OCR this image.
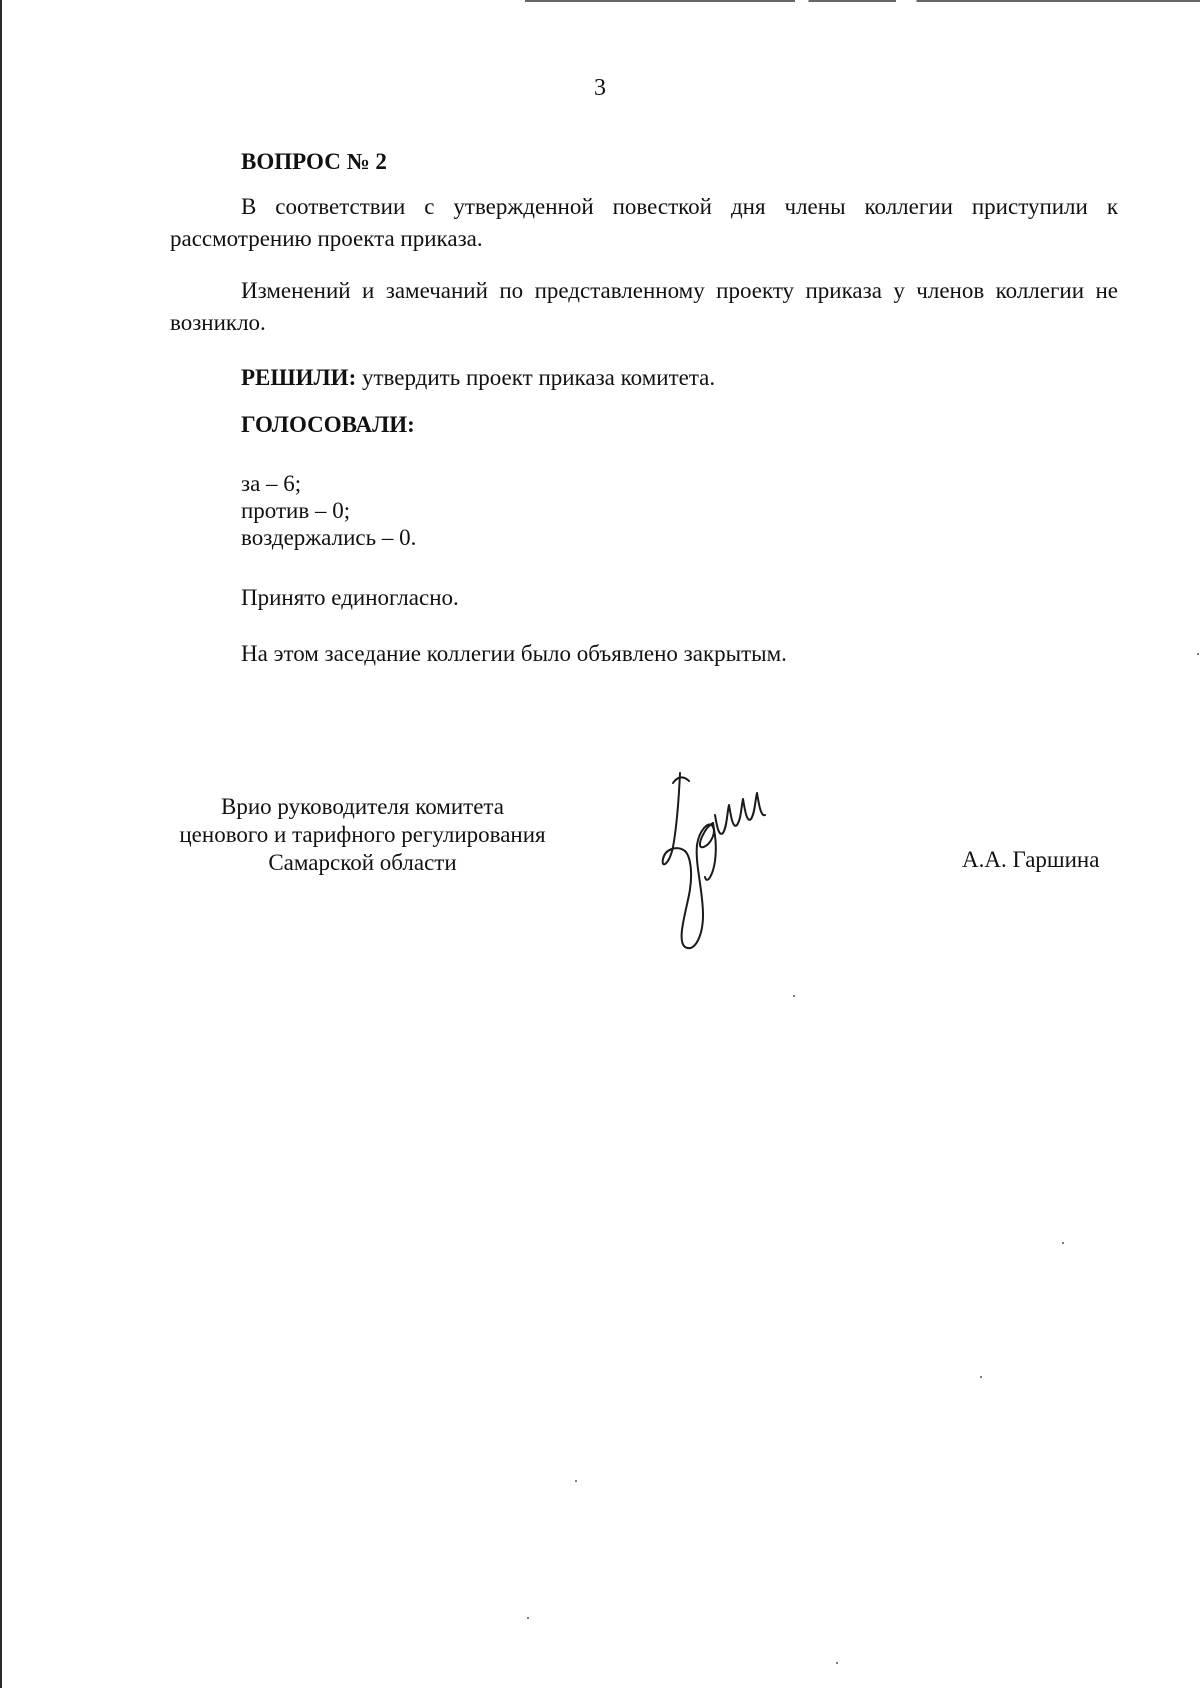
3
ВОПРОС № 2

В соответствии с утвержденной повесткой дня члены коллегии приступили к рассмотрению проекта приказа.

Изменений и замечаний по представленному проекту приказа у членов коллегии не возникло.

РЕШИЛИ: утвердить проект приказа комитета.
ГОЛОСОВАЛИ:
за – 6;
против – 0;
воздержались – 0.
Принято единогласно.
На этом заседание коллегии было объявлено закрытым.
Врио руководителя комитета
ценового и тарифного регулирования
Самарской области	А.А. Гаршина
